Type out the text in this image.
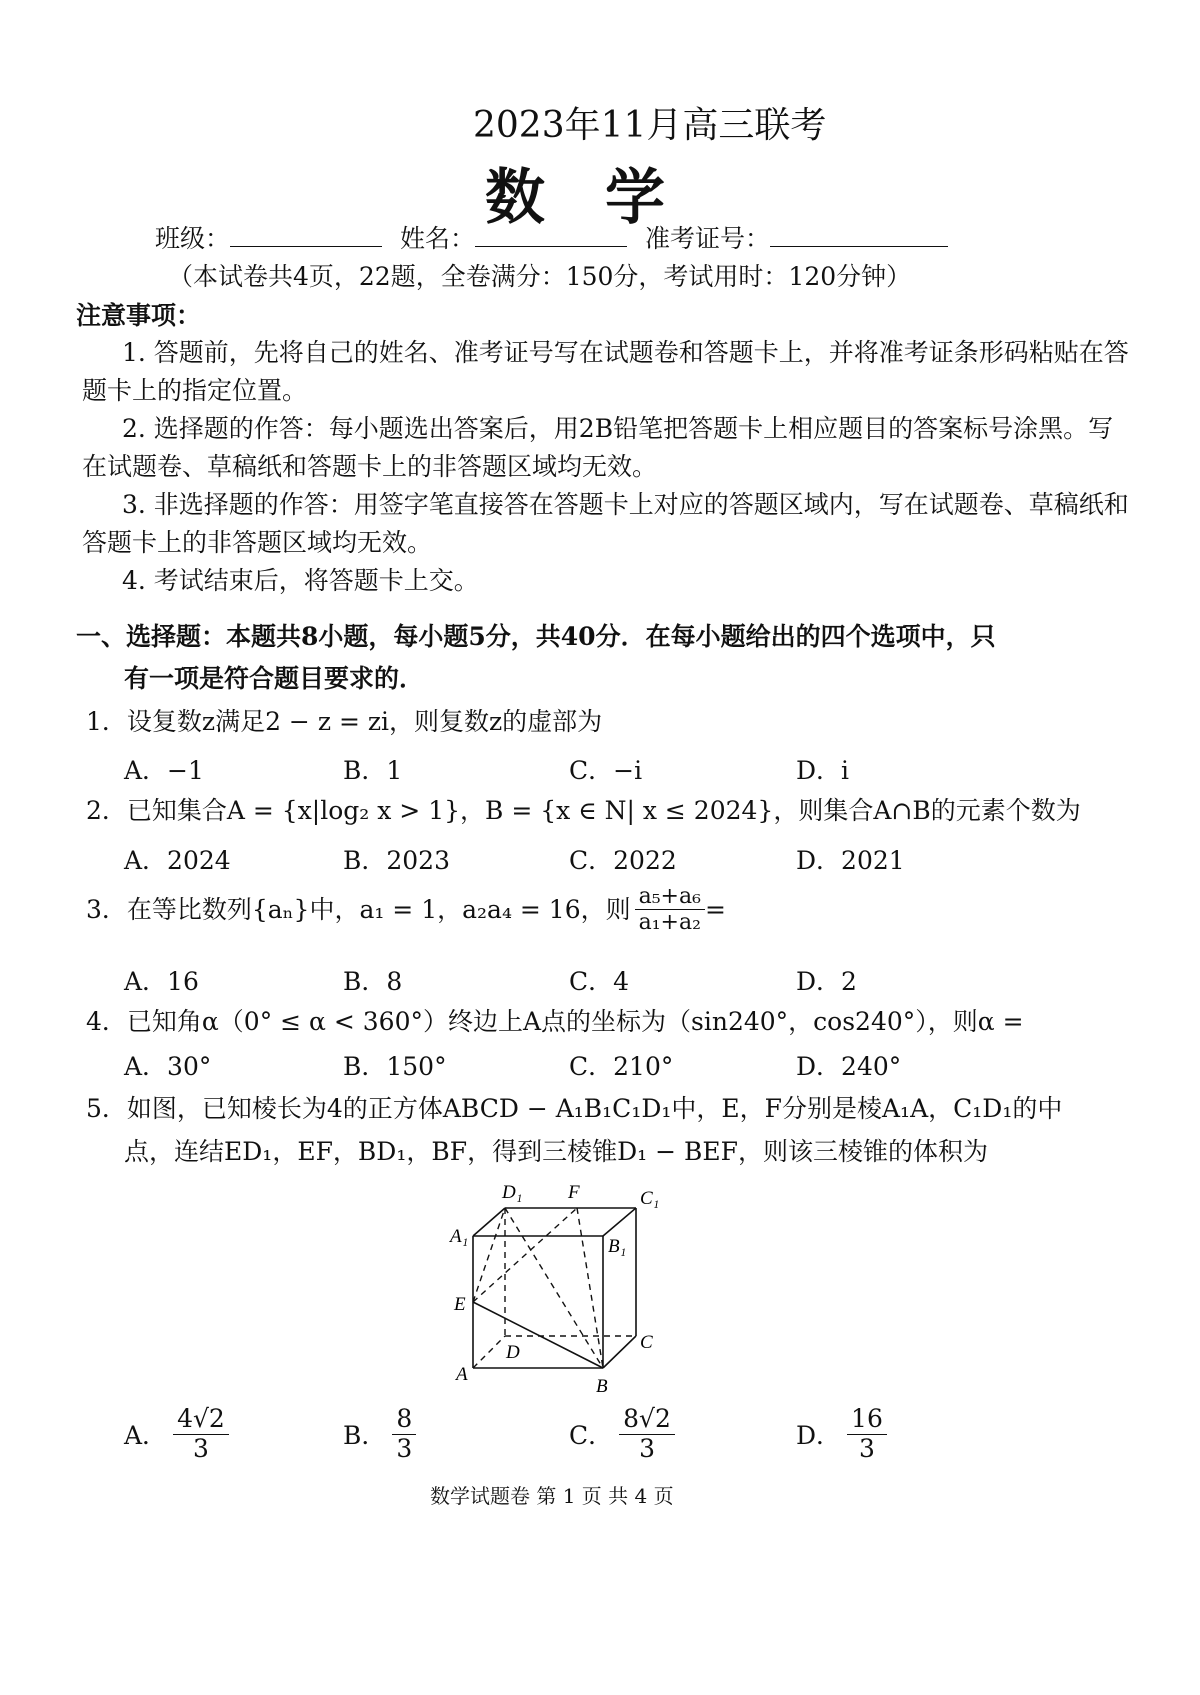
2023年11月高三联考
数学
班级：	姓名：	准考证号：
（本试卷共4页，22题，全卷满分：150分，考试用时：120分钟）
注意事项：
1. 答题前，先将自己的姓名、准考证号写在试题卷和答题卡上，并将准考证条形码粘贴在答题卡上的指定位置。
2. 选择题的作答：每小题选出答案后，用2B铅笔把答题卡上相应题目的答案标号涂黑。写在试题卷、草稿纸和答题卡上的非答题区域均无效。
3. 非选择题的作答：用签字笔直接答在答题卡上对应的答题区域内，写在试题卷、草稿纸和答题卡上的非答题区域均无效。
4. 考试结束后，将答题卡上交。
一、选择题：本题共8小题，每小题5分，共40分．在每小题给出的四个选项中，只
有一项是符合题目要求的．
1．设复数z满足2 − z = zi，则复数z的虚部为
A．−1	B．1	C．−i	D．i
2．已知集合A = {x|log₂ x > 1}，B = {x ∈ N| x ≤ 2024}，则集合A∩B的元素个数为
A．2024	B．2023	C．2022	D．2021
3．在等比数列{aₙ}中，a₁ = 1，a₂a₄ = 16，则 $\frac{\text{a₅+a₆}}{\text{a₁+a₂}}$ =
A．16	B．8	C．4	D．2
4．已知角α（0° ≤ α < 360°）终边上A点的坐标为（sin240°，cos240°），则α =
A．30°	B．150°	C．210°	D．240°
5．如图，已知棱长为4的正方体ABCD − A₁B₁C₁D₁中，E，F分别是棱A₁A，C₁D₁的中
点，连结ED₁，EF，BD₁，BF，得到三棱锥D₁ − BEF，则该三棱锥的体积为
D₁ F	C₁
A₁	B₁
E
D	C
A
B
A． $\frac{4√2}{3}$	B． $\frac{8}{3}$	C． $\frac{8√2}{3}$	D． $\frac{16}{3}$
数学试题卷 第 1 页 共 4 页
